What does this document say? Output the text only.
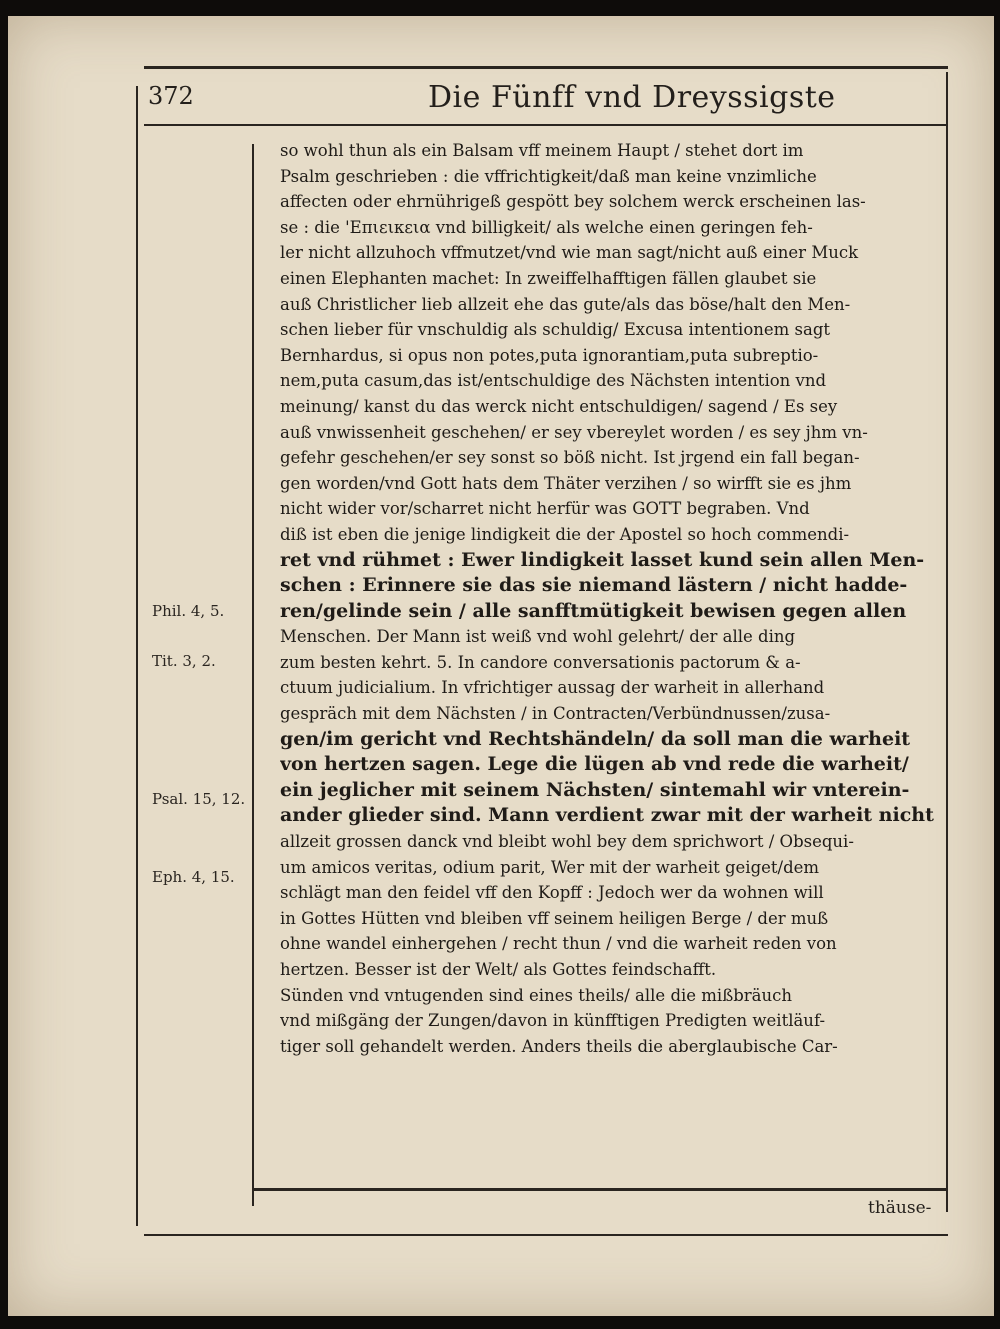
372	Die Fünff vnd Dreyssigste
Phil. 4, 5.
Tit. 3, 2.
Psal. 15, 12.
Eph. 4, 15.
so wohl thun als ein Balsam vff meinem Haupt / stehet dort im
Psalm geschrieben : die vffrichtigkeit/daß man keine vnzimliche
affecten oder ehrnührigeß gespött bey solchem werck erscheinen las-
se : die 'Επιεικεια vnd billigkeit/ als welche einen geringen feh-
ler nicht allzuhoch vffmutzet/vnd wie man sagt/nicht auß einer Muck
einen Elephanten machet: In zweiffelhafftigen fällen glaubet sie
auß Christlicher lieb allzeit ehe das gute/als das böse/halt den Men-
schen lieber für vnschuldig als schuldig/ Excusa intentionem sagt
Bernhardus, si opus non potes,puta ignorantiam,puta subreptio-
nem,puta casum,das ist/entschuldige des Nächsten intention vnd
meinung/ kanst du das werck nicht entschuldigen/ sagend / Es sey
auß vnwissenheit geschehen/ er sey vbereylet worden / es sey jhm vn-
gefehr geschehen/er sey sonst so böß nicht. Ist jrgend ein fall began-
gen worden/vnd Gott hats dem Thäter verzihen / so wirfft sie es jhm
nicht wider vor/scharret nicht herfür was GOTT begraben. Vnd
diß ist eben die jenige lindigkeit die der Apostel so hoch commendi-
ret vnd rühmet : Ewer lindigkeit lasset kund sein allen Men-
schen : Erinnere sie das sie niemand lästern / nicht hadde-
ren/gelinde sein / alle sanfftmütigkeit bewisen gegen allen
Menschen. Der Mann ist weiß vnd wohl gelehrt/ der alle ding
zum besten kehrt. 5. In candore conversationis pactorum & a-
ctuum judicialium. In vfrichtiger aussag der warheit in allerhand
gespräch mit dem Nächsten / in Contracten/Verbündnussen/zusa-
gen/im gericht vnd Rechtshändeln/ da soll man die warheit
von hertzen sagen. Lege die lügen ab vnd rede die warheit/
ein jeglicher mit seinem Nächsten/ sintemahl wir vnterein-
ander glieder sind. Mann verdient zwar mit der warheit nicht
allzeit grossen danck vnd bleibt wohl bey dem sprichwort / Obsequi-
um amicos veritas, odium parit, Wer mit der warheit geiget/dem
schlägt man den feidel vff den Kopff : Jedoch wer da wohnen will
in Gottes Hütten vnd bleiben vff seinem heiligen Berge / der muß
ohne wandel einhergehen / recht thun / vnd die warheit reden von
hertzen. Besser ist der Welt/ als Gottes feindschafft.
Sünden vnd vntugenden sind eines theils/ alle die mißbräuch
vnd mißgäng der Zungen/davon in künfftigen Predigten weitläuf-
tiger soll gehandelt werden. Anders theils die aberglaubische Car-
thäuse-
